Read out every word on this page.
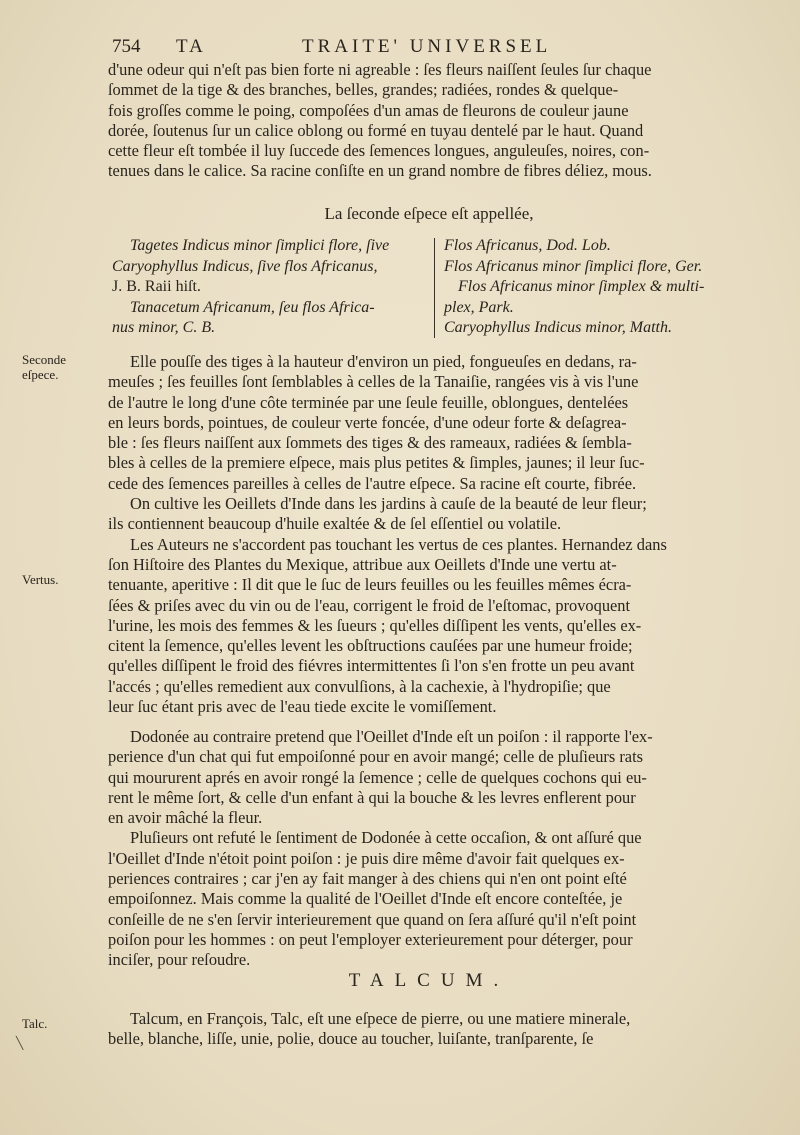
754 TA	TRAITE' UNIVERSEL

d'une odeur qui n'eſt pas bien forte ni agreable : ſes fleurs naiſſent ſeules ſur chaque

ſommet de la tige & des branches, belles, grandes; radiées, rondes & quelque-

fois groſſes comme le poing, compoſées d'un amas de fleurons de couleur jaune

dorée, ſoutenus ſur un calice oblong ou formé en tuyau dentelé par le haut. Quand

cette fleur eſt tombée il luy ſuccede des ſemences longues, anguleuſes, noires, con-

tenues dans le calice. Sa racine conſiſte en un grand nombre de fibres déliez, mous.

La ſeconde eſpece eſt appellée,
Tagetes Indicus minor ſimplici flore, ſive
Caryophyllus Indicus, ſive flos Africanus,
J. B. Raii hiſt.
Tanacetum Africanum, ſeu flos Africa-
nus minor, C. B.
Flos Africanus, Dod. Lob.
Flos Africanus minor ſimplici flore, Ger.
Flos Africanus minor ſimplex & multi-
plex, Park.
Caryophyllus Indicus minor, Matth.
Seconde
eſpece.

Elle pouſſe des tiges à la hauteur d'environ un pied, fongueuſes en dedans, ra-

meuſes ; ſes feuilles ſont ſemblables à celles de la Tanaiſie, rangées vis à vis l'une

de l'autre le long d'une côte terminée par une ſeule feuille, oblongues, dentelées

en leurs bords, pointues, de couleur verte foncée, d'une odeur forte & deſagrea-

ble : ſes fleurs naiſſent aux ſommets des tiges & des rameaux, radiées & ſembla-

bles à celles de la premiere eſpece, mais plus petites & ſimples, jaunes; il leur ſuc-

cede des ſemences pareilles à celles de l'autre eſpece. Sa racine eſt courte, fibrée.

On cultive les Oeillets d'Inde dans les jardins à cauſe de la beauté de leur fleur;

ils contiennent beaucoup d'huile exaltée & de ſel eſſentiel ou volatile.

Les Auteurs ne s'accordent pas touchant les vertus de ces plantes. Hernandez dans

ſon Hiſtoire des Plantes du Mexique, attribue aux Oeillets d'Inde une vertu at-

tenuante, aperitive : Il dit que le ſuc de leurs feuilles ou les feuilles mêmes écra-

ſées & priſes avec du vin ou de l'eau, corrigent le froid de l'eſtomac, provoquent

l'urine, les mois des femmes & les ſueurs ; qu'elles diſſipent les vents, qu'elles ex-

citent la ſemence, qu'elles levent les obſtructions cauſées par une humeur froide;

qu'elles diſſipent le froid des fiévres intermittentes ſi l'on s'en frotte un peu avant

l'accés ; qu'elles remedient aux convulſions, à la cachexie, à l'hydropiſie; que

leur ſuc étant pris avec de l'eau tiede excite le vomiſſement.

Vertus.

Dodonée au contraire pretend que l'Oeillet d'Inde eſt un poiſon : il rapporte l'ex-

perience d'un chat qui fut empoiſonné pour en avoir mangé; celle de pluſieurs rats

qui moururent aprés en avoir rongé la ſemence ; celle de quelques cochons qui eu-

rent le même ſort, & celle d'un enfant à qui la bouche & les levres enflerent pour

en avoir mâché la fleur.

Pluſieurs ont refuté le ſentiment de Dodonée à cette occaſion, & ont aſſuré que

l'Oeillet d'Inde n'étoit point poiſon : je puis dire même d'avoir fait quelques ex-

periences contraires ; car j'en ay fait manger à des chiens qui n'en ont point eſté

empoiſonnez. Mais comme la qualité de l'Oeillet d'Inde eſt encore conteſtée, je

conſeille de ne s'en ſervir interieurement que quand on ſera aſſuré qu'il n'eſt point

poiſon pour les hommes : on peut l'employer exterieurement pour déterger, pour

inciſer, pour reſoudre.

TALCUM.
Talc.
╲

Talcum, en François, Talc, eſt une eſpece de pierre, ou une matiere minerale,

belle, blanche, liſſe, unie, polie, douce au toucher, luiſante, tranſparente, ſe
